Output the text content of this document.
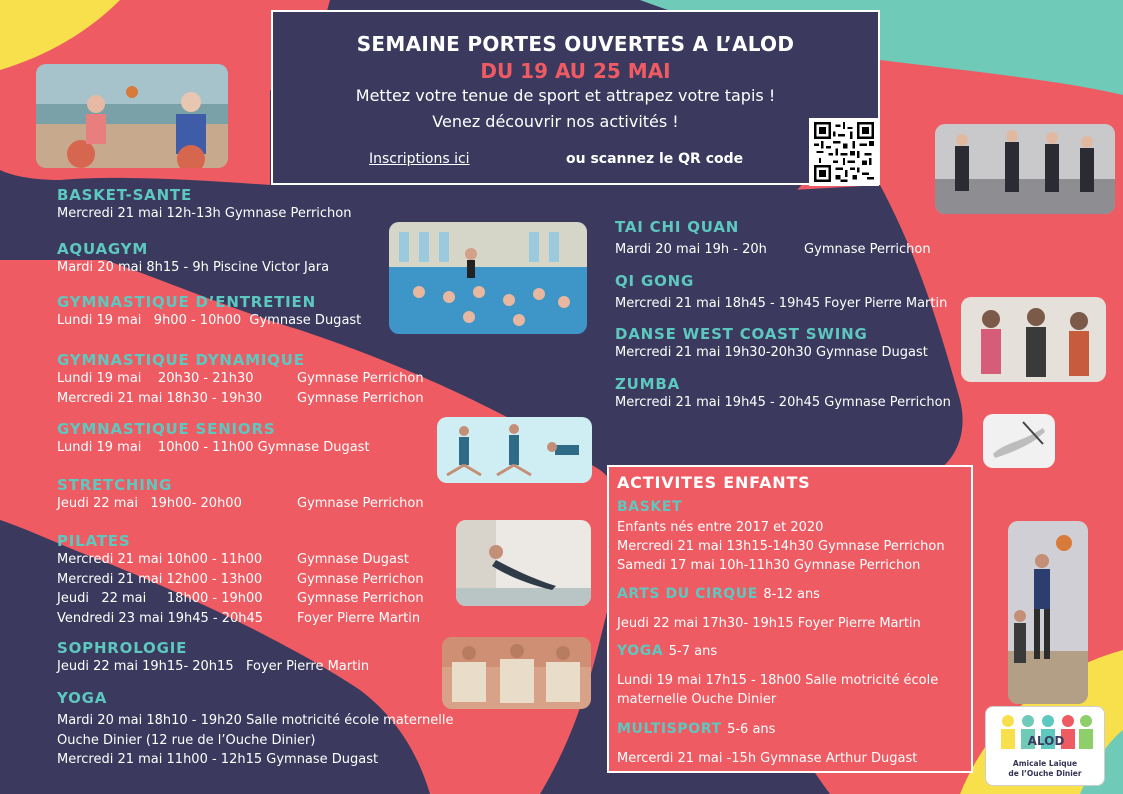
SEMAINE PORTES OUVERTES A L’ALOD
DU 19 AU 25 MAI
Mettez votre tenue de sport et attrapez votre tapis !
Venez découvrir nos activités !
Inscriptions ici	ou scannez le QR code
BASKET-SANTE
Mercredi 21 mai 12h-13h Gymnase Perrichon
AQUAGYM
Mardi 20 mai 8h15 - 9h Piscine Victor Jara
GYMNASTIQUE D’ENTRETIEN
Lundi 19 mai   9h00 - 10h00  Gymnase Dugast
GYMNASTIQUE DYNAMIQUE
Lundi 19 mai    20h30 - 21h30	Gymnase Perrichon
Mercredi 21 mai 18h30 - 19h30	Gymnase Perrichon
GYMNASTIQUE SENIORS
Lundi 19 mai    10h00 - 11h00 Gymnase Dugast
STRETCHING
Jeudi 22 mai   19h00- 20h00	Gymnase Perrichon
PILATES
Mercredi 21 mai 10h00 - 11h00	Gymnase Dugast
Mercredi 21 mai 12h00 - 13h00	Gymnase Perrichon
Jeudi   22 mai     18h00 - 19h00	Gymnase Perrichon
Vendredi 23 mai 19h45 - 20h45	Foyer Pierre Martin
SOPHROLOGIE
Jeudi 22 mai 19h15- 20h15   Foyer Pierre Martin
YOGA
Mardi 20 mai 18h10 - 19h20 Salle motricité école maternelle
Ouche Dinier (12 rue de l’Ouche Dinier)
Mercredi 21 mai 11h00 - 12h15 Gymnase Dugast
TAI CHI QUAN
Mardi 20 mai 19h - 20h         Gymnase Perrichon
QI GONG
Mercredi 21 mai 18h45 - 19h45 Foyer Pierre Martin
DANSE WEST COAST SWING
Mercredi 21 mai 19h30-20h30 Gymnase Dugast
ZUMBA
Mercredi 21 mai 19h45 - 20h45 Gymnase Perrichon
ACTIVITES ENFANTS
BASKET
Enfants nés entre 2017 et 2020
Mercredi 21 mai 13h15-14h30 Gymnase Perrichon
Samedi 17 mai 10h-11h30 Gymnase Perrichon
ARTS DU CIRQUE 8-12 ans
Jeudi 22 mai 17h30- 19h15 Foyer Pierre Martin
YOGA 5-7 ans
Lundi 19 mai 17h15 - 18h00 Salle motricité école
maternelle Ouche Dinier
MULTISPORT 5-6 ans
Mercerdi 21 mai -15h Gymnase Arthur Dugast
ALOD
Amicale Laïque
de l’Ouche Dinier
